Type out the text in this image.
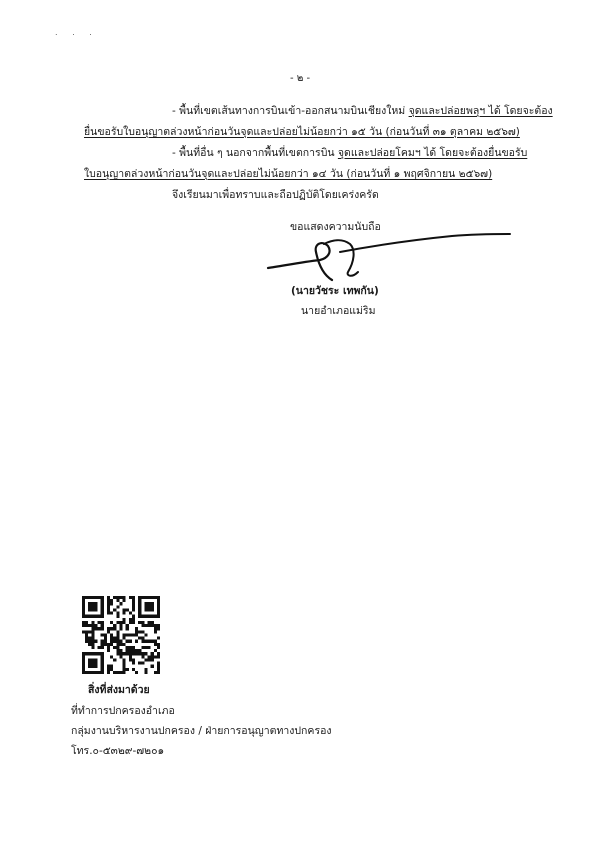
. . .
- ๒ -
- พื้นที่เขตเส้นทางการบินเข้า-ออกสนามบินเชียงใหม่ จุดและปล่อยพลุฯ ได้ โดยจะต้อง
ยื่นขอรับใบอนุญาตล่วงหน้าก่อนวันจุดและปล่อยไม่น้อยกว่า ๑๕ วัน (ก่อนวันที่ ๓๑ ตุลาคม ๒๕๖๗)
- พื้นที่อื่น ๆ นอกจากพื้นที่เขตการบิน จุดและปล่อยโคมฯ ได้ โดยจะต้องยื่นขอรับ
ใบอนุญาตล่วงหน้าก่อนวันจุดและปล่อยไม่น้อยกว่า ๑๔ วัน (ก่อนวันที่ ๑ พฤศจิกายน ๒๕๖๗)
จึงเรียนมาเพื่อทราบและถือปฏิบัติโดยเคร่งครัด
ขอแสดงความนับถือ
(นายวัชระ เทพกัน)
นายอำเภอแม่ริม
สิ่งที่ส่งมาด้วย
ที่ทำการปกครองอำเภอ
กลุ่มงานบริหารงานปกครอง / ฝ่ายการอนุญาตทางปกครอง
โทร.๐-๕๓๒๙-๗๒๐๑
